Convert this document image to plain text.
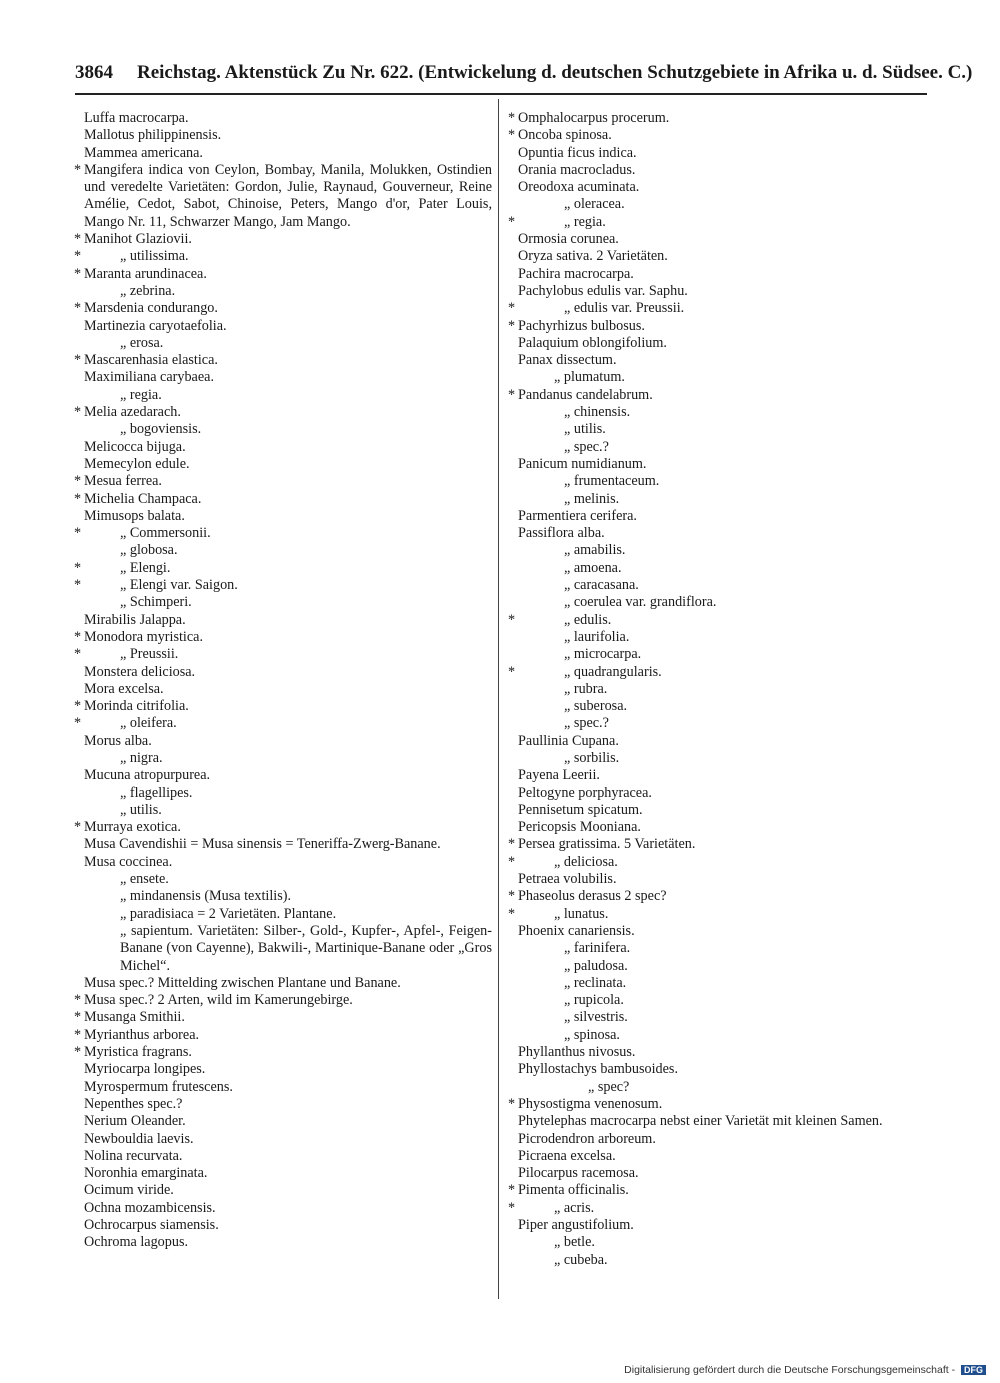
3864 Reichstag. Aktenstück Zu Nr. 622. (Entwickelung d. deutschen Schutzgebiete in Afrika u. d. Südsee. C.)
Luffa macrocarpa.
Mallotus philippinensis.
Mammea americana.
* Mangifera indica von Ceylon, Bombay, Manila, Molukken, Ostindien und veredelte Varietäten: Gordon, Julie, Raynaud, Gouverneur, Reine Amélie, Cedot, Sabot, Chinoise, Peters, Mango d'or, Pater Louis, Mango Nr. 11, Schwarzer Mango, Jam Mango.
* Manihot Glaziovii.
*	„ utilissima.
* Maranta arundinacea.
„ zebrina.
* Marsdenia condurango.
Martinezia caryotaefolia.
„ erosa.
* Mascarenhasia elastica.
Maximiliana carybaea.
„ regia.
* Melia azedarach.
„ bogoviensis.
Melicocca bijuga.
Memecylon edule.
* Mesua ferrea.
* Michelia Champaca.
Mimusops balata.
*	„ Commersonii.
„ globosa.
*	„ Elengi.
*	„ Elengi var. Saigon.
„ Schimperi.
Mirabilis Jalappa.
* Monodora myristica.
*	„ Preussii.
Monstera deliciosa.
Mora excelsa.
* Morinda citrifolia.
*	„ oleifera.
Morus alba.
„ nigra.
Mucuna atropurpurea.
„ flagellipes.
„ utilis.
* Murraya exotica.
Musa Cavendishii = Musa sinensis = Teneriffa-Zwerg-Banane.
Musa coccinea.
„ ensete.
„ mindanensis (Musa textilis).
„ paradisiaca = 2 Varietäten. Plantane.
„ sapientum. Varietäten: Silber-, Gold-, Kupfer-, Apfel-, Feigen-Banane (von Cayenne), Bakwili-, Martinique-Banane oder „Gros Michel“.
Musa spec.? Mittelding zwischen Plantane und Banane.
* Musa spec.? 2 Arten, wild im Kamerungebirge.
* Musanga Smithii.
* Myrianthus arborea.
* Myristica fragrans.
Myriocarpa longipes.
Myrospermum frutescens.
Nepenthes spec.?
Nerium Oleander.
Newbouldia laevis.
Nolina recurvata.
Noronhia emarginata.
Ocimum viride.
Ochna mozambicensis.
Ochrocarpus siamensis.
Ochroma lagopus.
* Omphalocarpus procerum.
* Oncoba spinosa.
Opuntia ficus indica.
Orania macrocladus.
Oreodoxa acuminata.
„ oleracea.
*	„ regia.
Ormosia corunea.
Oryza sativa. 2 Varietäten.
Pachira macrocarpa.
Pachylobus edulis var. Saphu.
*	„ edulis var. Preussii.
* Pachyrhizus bulbosus.
Palaquium oblongifolium.
Panax dissectum.
„ plumatum.
* Pandanus candelabrum.
„ chinensis.
„ utilis.
„ spec.?
Panicum numidianum.
„ frumentaceum.
„ melinis.
Parmentiera cerifera.
Passiflora alba.
„ amabilis.
„ amoena.
„ caracasana.
„ coerulea var. grandiflora.
*	„ edulis.
„ laurifolia.
„ microcarpa.
*	„ quadrangularis.
„ rubra.
„ suberosa.
„ spec.?
Paullinia Cupana.
„ sorbilis.
Payena Leerii.
Peltogyne porphyracea.
Pennisetum spicatum.
Pericopsis Mooniana.
* Persea gratissima. 5 Varietäten.
*	„ deliciosa.
Petraea volubilis.
* Phaseolus derasus 2 spec?
*	„ lunatus.
Phoenix canariensis.
„ farinifera.
„ paludosa.
„ reclinata.
„ rupicola.
„ silvestris.
„ spinosa.
Phyllanthus nivosus.
Phyllostachys bambusoides.
„ spec?
* Physostigma venenosum.
Phytelephas macrocarpa nebst einer Varietät mit kleinen Samen.
Picrodendron arboreum.
Picraena excelsa.
Pilocarpus racemosa.
* Pimenta officinalis.
*	„ acris.
Piper angustifolium.
„ betle.
„ cubeba.
Digitalisierung gefördert durch die Deutsche Forschungsgemeinschaft - DFG
